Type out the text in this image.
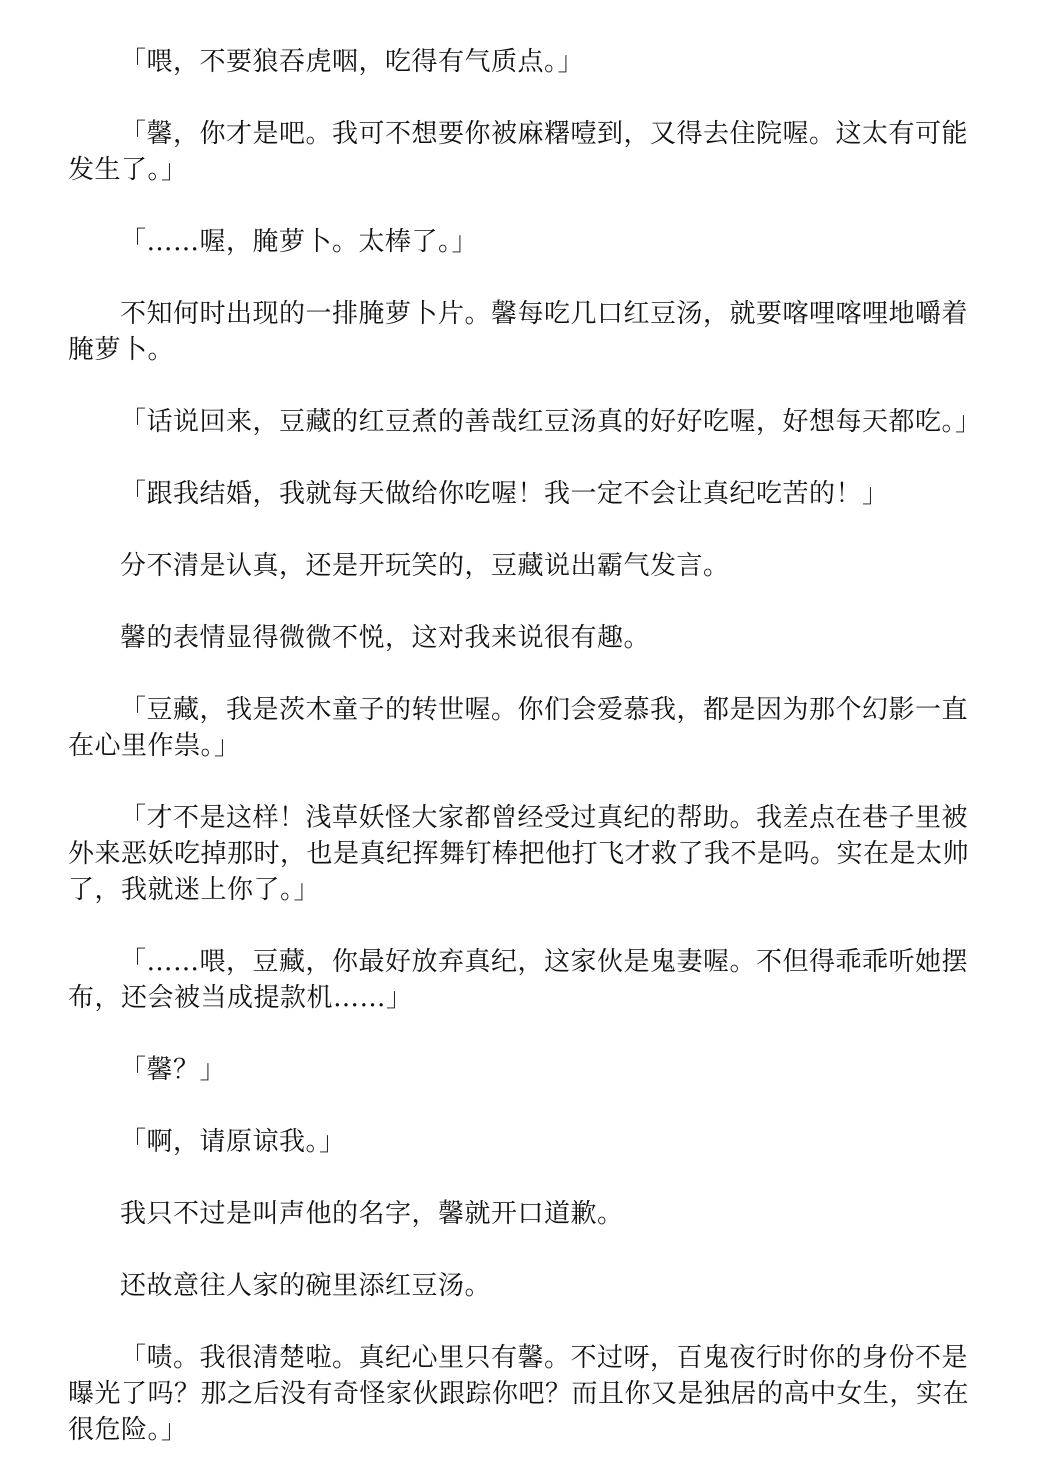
「喂，不要狼吞虎咽，吃得有气质点。」

「馨，你才是吧。我可不想要你被麻糬噎到，又得去住院喔。这太有可能发生了。」

「……喔，腌萝卜。太棒了。」

不知何时出现的一排腌萝卜片。馨每吃几口红豆汤，就要喀哩喀哩地嚼着腌萝卜。

「话说回来，豆藏的红豆煮的善哉红豆汤真的好好吃喔，好想每天都吃。」

「跟我结婚，我就每天做给你吃喔！我一定不会让真纪吃苦的！」

分不清是认真，还是开玩笑的，豆藏说出霸气发言。

馨的表情显得微微不悦，这对我来说很有趣。

「豆藏，我是茨木童子的转世喔。你们会爱慕我，都是因为那个幻影一直在心里作祟。」

「才不是这样！浅草妖怪大家都曾经受过真纪的帮助。我差点在巷子里被外来恶妖吃掉那时，也是真纪挥舞钉棒把他打飞才救了我不是吗。实在是太帅了，我就迷上你了。」

「……喂，豆藏，你最好放弃真纪，这家伙是鬼妻喔。不但得乖乖听她摆布，还会被当成提款机……」

「馨？」

「啊，请原谅我。」

我只不过是叫声他的名字，馨就开口道歉。

还故意往人家的碗里添红豆汤。

「啧。我很清楚啦。真纪心里只有馨。不过呀，百鬼夜行时你的身份不是曝光了吗？那之后没有奇怪家伙跟踪你吧？而且你又是独居的高中女生，实在很危险。」
